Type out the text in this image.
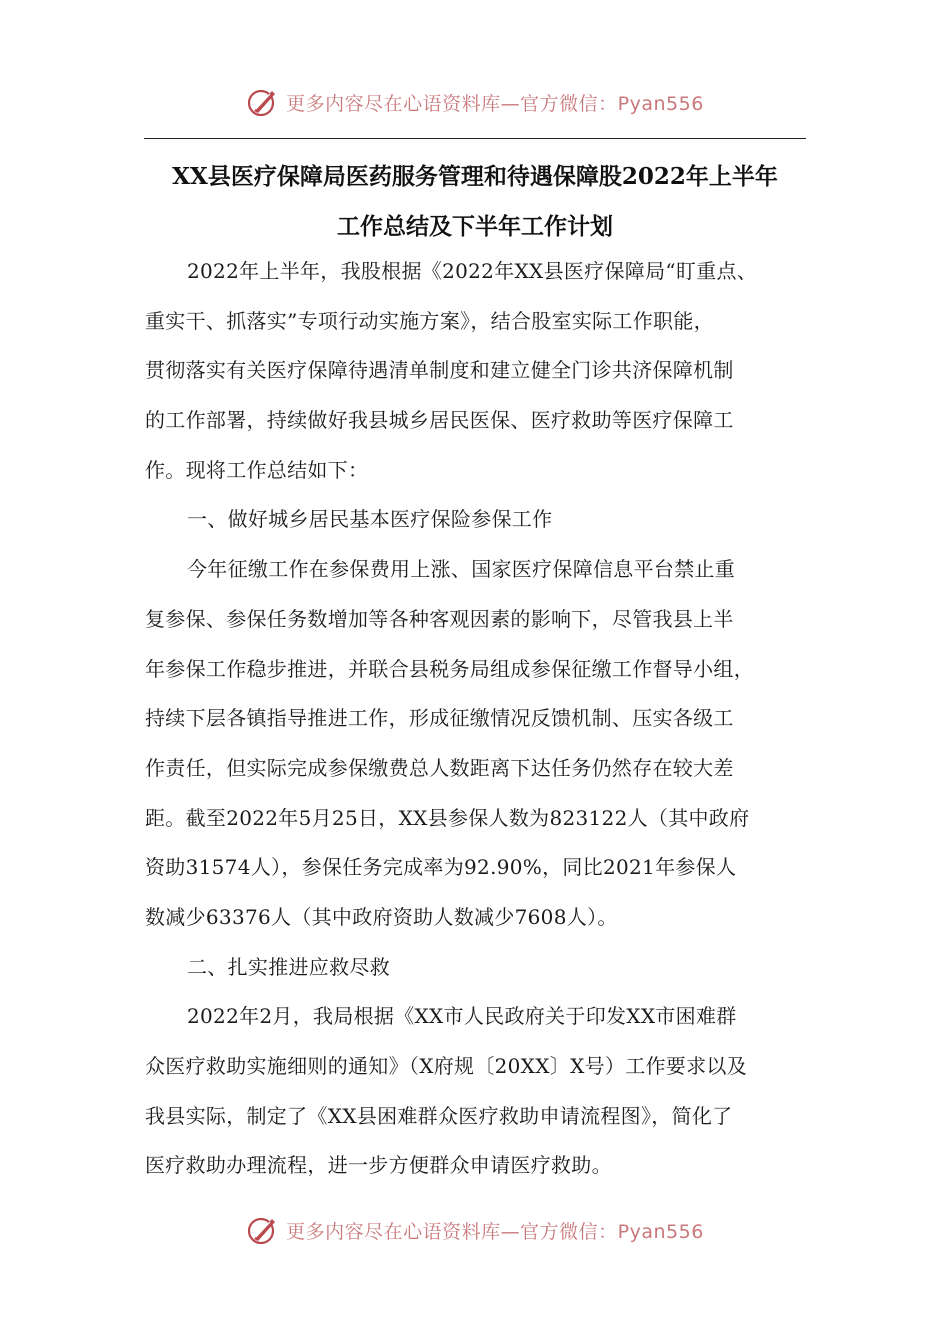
更多内容尽在心语资料库—官方微信：Pyan556
XX县医疗保障局医药服务管理和待遇保障股2022年上半年
工作总结及下半年工作计划
2022年上半年，我股根据《2022年XX县医疗保障局“盯重点、
重实干、抓落实”专项行动实施方案》，结合股室实际工作职能，
贯彻落实有关医疗保障待遇清单制度和建立健全门诊共济保障机制
的工作部署，持续做好我县城乡居民医保、医疗救助等医疗保障工
作。现将工作总结如下：
一、做好城乡居民基本医疗保险参保工作
今年征缴工作在参保费用上涨、国家医疗保障信息平台禁止重
复参保、参保任务数增加等各种客观因素的影响下，尽管我县上半
年参保工作稳步推进，并联合县税务局组成参保征缴工作督导小组，
持续下层各镇指导推进工作，形成征缴情况反馈机制、压实各级工
作责任，但实际完成参保缴费总人数距离下达任务仍然存在较大差
距。截至2022年5月25日，XX县参保人数为823122人（其中政府
资助31574人），参保任务完成率为92.90%，同比2021年参保人
数减少63376人（其中政府资助人数减少7608人）。
二、扎实推进应救尽救
2022年2月，我局根据《XX市人民政府关于印发XX市困难群
众医疗救助实施细则的通知》（X府规〔20XX〕X号）工作要求以及
我县实际，制定了《XX县困难群众医疗救助申请流程图》，简化了
医疗救助办理流程，进一步方便群众申请医疗救助。
更多内容尽在心语资料库—官方微信：Pyan556
